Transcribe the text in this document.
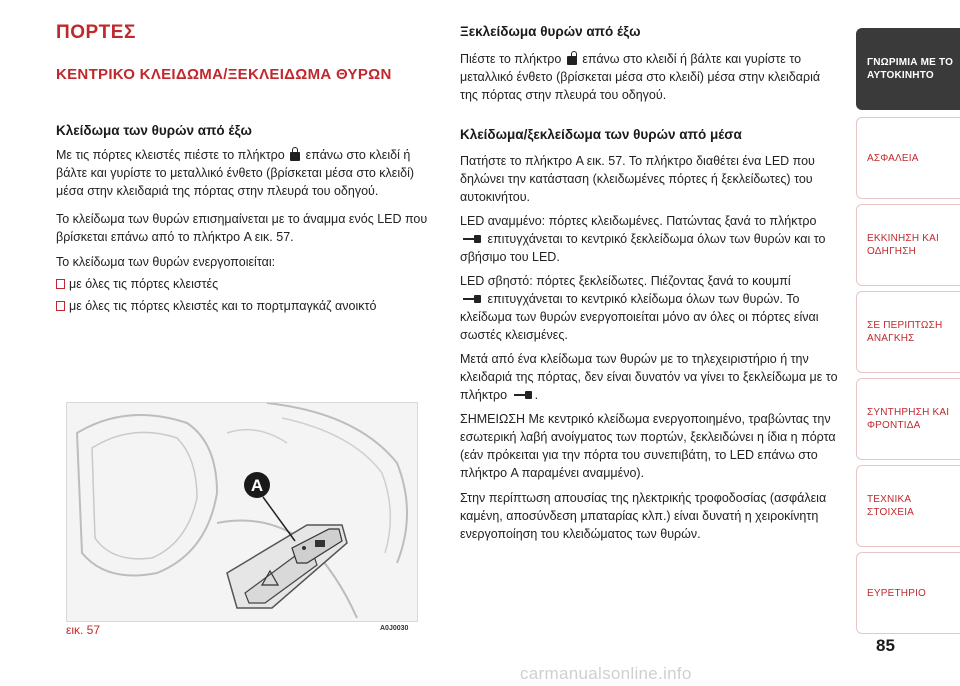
ΠΟΡΤΕΣ
ΚΕΝΤΡΙΚΟ ΚΛΕΙΔΩΜΑ/ΞΕΚΛΕΙΔΩΜΑ ΘΥΡΩΝ
Κλείδωμα των θυρών από έξω
Με τις πόρτες κλειστές πιέστε το πλήκτρο επάνω στο κλειδί ή
βάλτε και γυρίστε το μεταλλικό ένθετο (βρίσκεται μέσα στο κλειδί)
μέσα στην κλειδαριά της πόρτας στην πλευρά του οδηγού.
Το κλείδωμα των θυρών επισημαίνεται με το άναμμα ενός LED που
βρίσκεται επάνω από το πλήκτρο A εικ. 57.
Το κλείδωμα των θυρών ενεργοποιείται:
με όλες τις πόρτες κλειστές
με όλες τις πόρτες κλειστές και το πορτμπαγκάζ ανοικτό
A
εικ. 57	A0J0030
Ξεκλείδωμα θυρών από έξω
Πιέστε το πλήκτρο επάνω στο κλειδί ή βάλτε και γυρίστε το
μεταλλικό ένθετο (βρίσκεται μέσα στο κλειδί) μέσα στην κλειδαριά
της πόρτας στην πλευρά του οδηγού.
Κλείδωμα/ξεκλείδωμα των θυρών από μέσα
Πατήστε το πλήκτρο A εικ. 57. Το πλήκτρο διαθέτει ένα LED που
δηλώνει την κατάσταση (κλειδωμένες πόρτες ή ξεκλείδωτες) του
αυτοκινήτου.
LED αναμμένο: πόρτες κλειδωμένες. Πατώντας ξανά το πλήκτρο

επιτυγχάνεται το κεντρικό ξεκλείδωμα όλων των θυρών και το
σβήσιμο του LED.
LED σβηστό: πόρτες ξεκλείδωτες. Πιέζοντας ξανά το κουμπί

επιτυγχάνεται το κεντρικό κλείδωμα όλων των θυρών. Το
κλείδωμα των θυρών ενεργοποιείται μόνο αν όλες οι πόρτες είναι
σωστές κλεισμένες.
Μετά από ένα κλείδωμα των θυρών με το τηλεχειριστήριο ή την
κλειδαριά της πόρτας, δεν είναι δυνατόν να γίνει το ξεκλείδωμα με το
πλήκτρο .
ΣΗΜΕΙΩΣΗ Με κεντρικό κλείδωμα ενεργοποιημένο, τραβώντας την
εσωτερική λαβή ανοίγματος των πορτών, ξεκλειδώνει η ίδια η πόρτα
(εάν πρόκειται για την πόρτα του συνεπιβάτη, το LED επάνω στο
πλήκτρο A παραμένει αναμμένο).
Στην περίπτωση απουσίας της ηλεκτρικής τροφοδοσίας (ασφάλεια
καμένη, αποσύνδεση μπαταρίας κλπ.) είναι δυνατή η χειροκίνητη
ενεργοποίηση του κλειδώματος των θυρών.
ΓΝΩΡΙΜΙΑ ΜΕ ΤΟ
ΑΥΤΟΚΙΝΗΤΟ
ΑΣΦΑΛΕΙΑ
ΕΚΚΙΝΗΣΗ ΚΑΙ
ΟΔΗΓΗΣΗ
ΣΕ ΠΕΡΙΠΤΩΣΗ
ΑΝΑΓΚΗΣ
ΣΥΝΤΗΡΗΣΗ ΚΑΙ
ΦΡΟΝΤΙΔΑ
ΤΕΧΝΙΚΑ ΣΤΟΙΧΕΙΑ
ΕΥΡΕΤΗΡΙΟ
85
carmanualsonline.info
